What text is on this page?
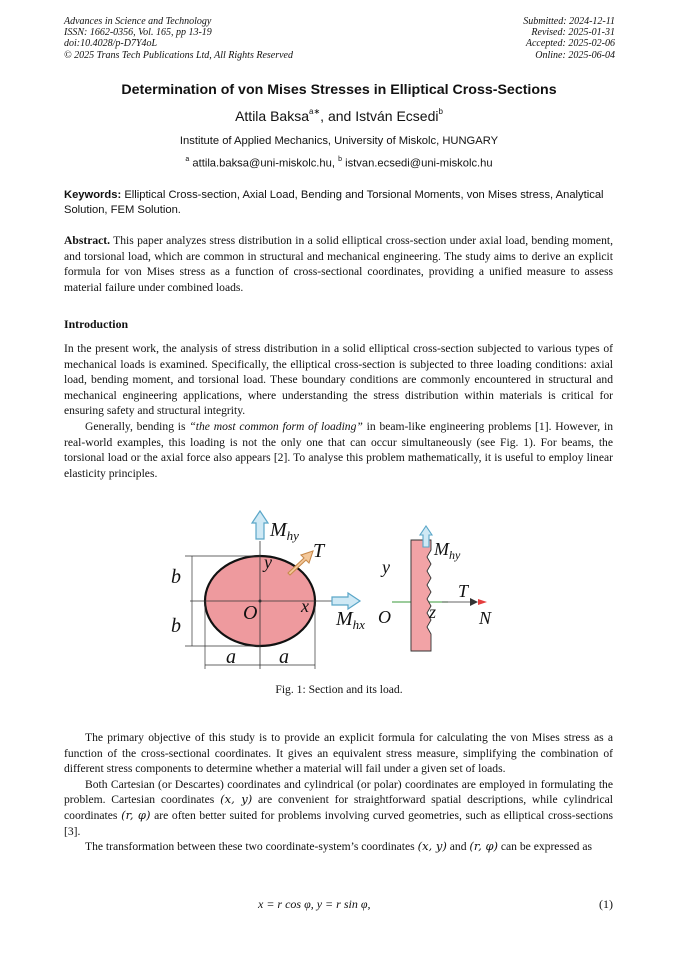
Advances in Science and Technology
ISSN: 1662-0356, Vol. 165, pp 13-19
doi:10.4028/p-D7Y4oL
© 2025 Trans Tech Publications Ltd, All Rights Reserved
Submitted: 2024-12-11
Revised: 2025-01-31
Accepted: 2025-02-06
Online: 2025-06-04
Determination of von Mises Stresses in Elliptical Cross-Sections
Attila Baksa$^{a∗}$, and István Ecsedi$^b$
Institute of Applied Mechanics, University of Miskolc, HUNGARY
$^a$ attila.baksa@uni-miskolc.hu, $^b$ istvan.ecsedi@uni-miskolc.hu
Keywords: Elliptical Cross-section, Axial Load, Bending and Torsional Moments, von Mises stress, Analytical Solution, FEM Solution.

Abstract. This paper analyzes stress distribution in a solid elliptical cross-section under axial load, bending moment, and torsional load, which are common in structural and mechanical engineering. The study aims to derive an explicit formula for von Mises stress as a function of cross-sectional coordinates, providing a unified measure to assess material failure under combined loads.

Introduction

In the present work, the analysis of stress distribution in a solid elliptical cross-section subjected to various types of mechanical loads is examined. Specifically, the elliptical cross-section is subjected to three loading conditions: axial load, bending moment, and torsional load. These boundary conditions are commonly encountered in structural and mechanical engineering applications, where understanding the stress distribution within materials is critical for ensuring safety and structural integrity.

Generally, bending is “the most common form of loading” in beam-like engineering problems [1]. However, in real-world examples, this loading is not the only one that can occur simultaneously (see Fig. 1). For beams, the torsional load or the axial force also appears [2]. To analyse this problem mathematically, it is useful to employ linear elasticity principles.

$M_{hy}$
T
y
b
b
O x
$M_{hx}$
a a
y
$M_{hy}$
T
O z N
Fig. 1: Section and its load.

The primary objective of this study is to provide an explicit formula for calculating the von Mises stress as a function of the cross-sectional coordinates. It gives an equivalent stress measure, simplifying the combination of different stress components to determine whether a material will fail under a given set of loads.

Both Cartesian (or Descartes) coordinates and cylindrical (or polar) coordinates are employed in formulating the problem. Cartesian coordinates (x, y) are convenient for straightforward spatial descriptions, while cylindrical coordinates (r, φ) are often better suited for problems involving curved geometries, such as elliptical cross-sections [3].

The transformation between these two coordinate-system’s coordinates (x, y) and (r, φ) can be expressed as

x = r cos φ, y = r sin φ,	(1)
